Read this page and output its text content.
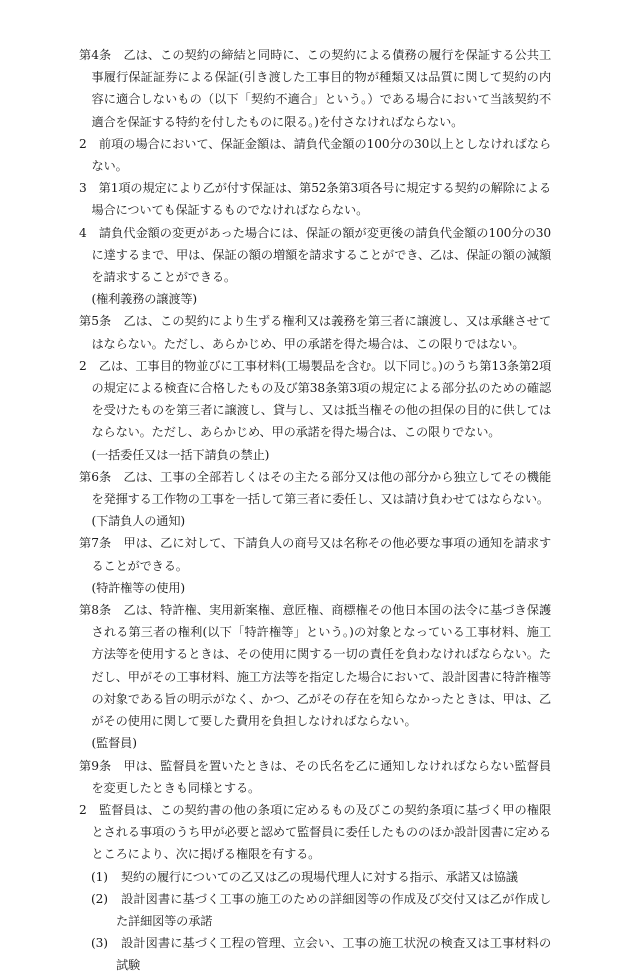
第4条　乙は、この契約の締結と同時に、この契約による債務の履行を保証する公共工事履行保証証券による保証(引き渡した工事目的物が種類又は品質に関して契約の内容に適合しないもの（以下「契約不適合」という。）である場合において当該契約不適合を保証する特約を付したものに限る。)を付さなければならない。

2　前項の場合において、保証金額は、請負代金額の100分の30以上としなければならない。

3　第1項の規定により乙が付す保証は、第52条第3項各号に規定する契約の解除による場合についても保証するものでなければならない。

4　請負代金額の変更があった場合には、保証の額が変更後の請負代金額の100分の30に達するまで、甲は、保証の額の増額を請求することができ、乙は、保証の額の減額を請求することができる。

(権利義務の譲渡等)

第5条　乙は、この契約により生ずる権利又は義務を第三者に譲渡し、又は承継させてはならない。ただし、あらかじめ、甲の承諾を得た場合は、この限りではない。

2　乙は、工事目的物並びに工事材料(工場製品を含む。以下同じ。)のうち第13条第2項の規定による検査に合格したもの及び第38条第3項の規定による部分払のための確認を受けたものを第三者に譲渡し、貸与し、又は抵当権その他の担保の目的に供してはならない。ただし、あらかじめ、甲の承諾を得た場合は、この限りでない。

(一括委任又は一括下請負の禁止)

第6条　乙は、工事の全部若しくはその主たる部分又は他の部分から独立してその機能を発揮する工作物の工事を一括して第三者に委任し、又は請け負わせてはならない。

(下請負人の通知)

第7条　甲は、乙に対して、下請負人の商号又は名称その他必要な事項の通知を請求することができる。

(特許権等の使用)

第8条　乙は、特許権、実用新案権、意匠権、商標権その他日本国の法令に基づき保護される第三者の権利(以下「特許権等」という。)の対象となっている工事材料、施工方法等を使用するときは、その使用に関する一切の責任を負わなければならない。ただし、甲がその工事材料、施工方法等を指定した場合において、設計図書に特許権等の対象である旨の明示がなく、かつ、乙がその存在を知らなかったときは、甲は、乙がその使用に関して要した費用を負担しなければならない。

(監督員)

第9条　甲は、監督員を置いたときは、その氏名を乙に通知しなければならない監督員を変更したときも同様とする。

2　監督員は、この契約書の他の条項に定めるもの及びこの契約条項に基づく甲の権限とされる事項のうち甲が必要と認めて監督員に委任したもののほか設計図書に定めるところにより、次に掲げる権限を有する。

(1) 契約の履行についての乙又は乙の現場代理人に対する指示、承諾又は協議

(2) 設計図書に基づく工事の施工のための詳細図等の作成及び交付又は乙が作成した詳細図等の承諾

(3) 設計図書に基づく工程の管理、立会い、工事の施工状況の検査又は工事材料の試験
